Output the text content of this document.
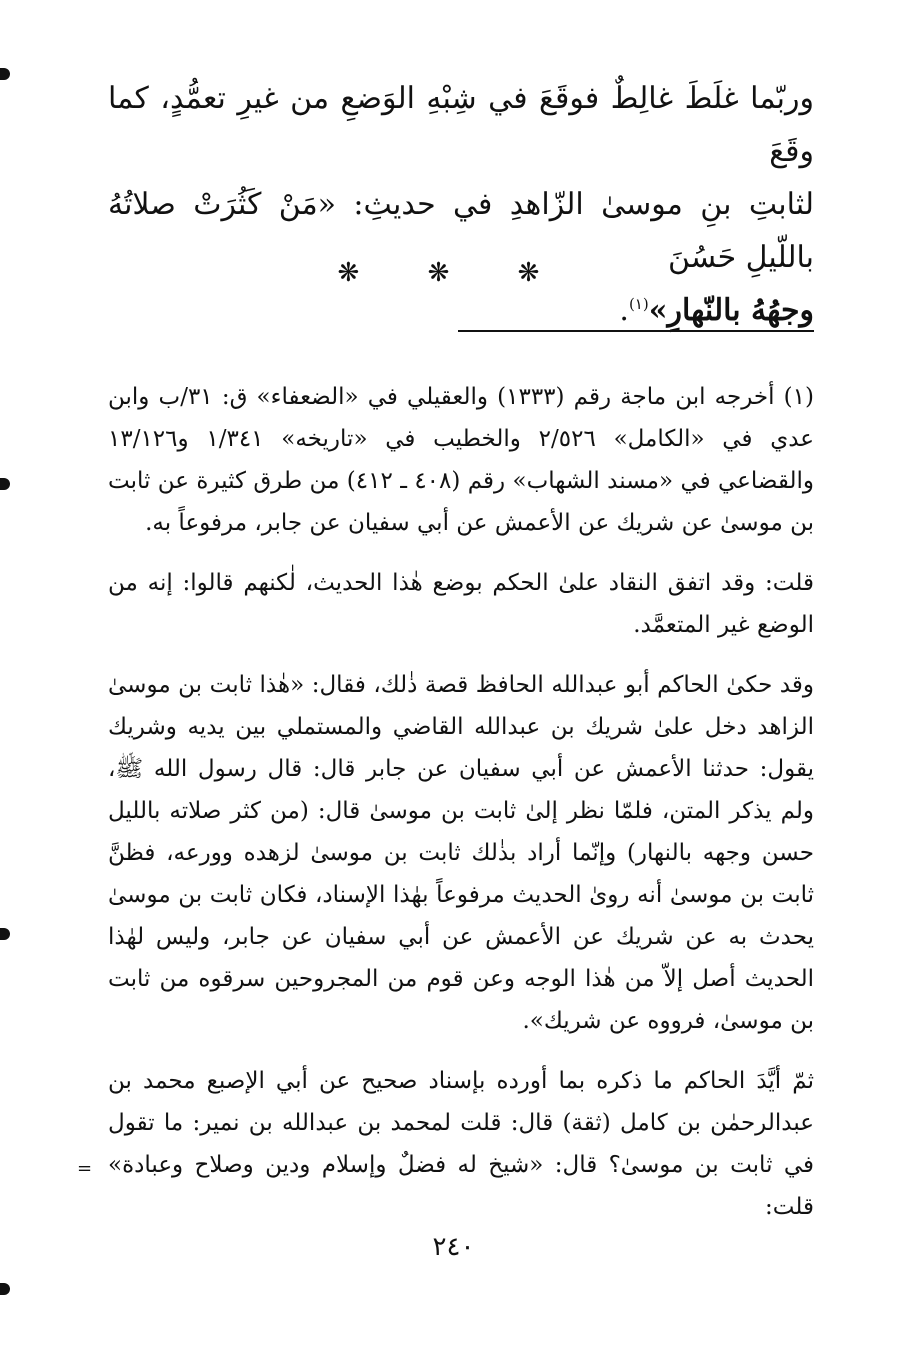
وربّما غلَطَ غالِطٌ فوقَعَ في شِبْهِ الوَضعِ من غيرِ تعمُّدٍ، كما وقَعَ
لثابتِ بنِ موسىٰ الزّاهدِ في حديثِ: «مَنْ كَثُرَتْ صلاتُهُ باللّيلِ حَسُنَ
وجهُهُ بالنّهارِ»$^{(١)}$.
❋ ❋ ❋

(١) أخرجه ابن ماجة رقم (١٣٣٣) والعقيلي في «الضعفاء» ق: ٣١/ب وابن عدي في «الكامل» ٢/٥٢٦ والخطيب في «تاريخه» ١/٣٤١ و١٣/١٢٦ والقضاعي في «مسند الشهاب» رقم (٤٠٨ ـ ٤١٢) من طرق كثيرة عن ثابت بن موسىٰ عن شريك عن الأعمش عن أبي سفيان عن جابر، مرفوعاً به.

قلت: وقد اتفق النقاد علىٰ الحكم بوضع هٰذا الحديث، لٰكنهم قالوا: إنه من الوضع غير المتعمَّد.

وقد حكىٰ الحاكم أبو عبدالله الحافظ قصة ذٰلك، فقال: «هٰذا ثابت بن موسىٰ الزاهد دخل علىٰ شريك بن عبدالله القاضي والمستملي بين يديه وشريك يقول: حدثنا الأعمش عن أبي سفيان عن جابر قال: قال رسول الله ﷺ، ولم يذكر المتن، فلمّا نظر إلىٰ ثابت بن موسىٰ قال: (من كثر صلاته بالليل حسن وجهه بالنهار) وإنّما أراد بذٰلك ثابت بن موسىٰ لزهده وورعه، فظنَّ ثابت بن موسىٰ أنه روىٰ الحديث مرفوعاً بهٰذا الإسناد، فكان ثابت بن موسىٰ يحدث به عن شريك عن الأعمش عن أبي سفيان عن جابر، وليس لهٰذا الحديث أصل إلاّ من هٰذا الوجه وعن قوم من المجروحين سرقوه من ثابت بن موسىٰ، فرووه عن شريك».

ثمّ أيَّدَ الحاكم ما ذكره بما أورده بإسناد صحيح عن أبي الإصبع محمد بن عبدالرحمٰن بن كامل (ثقة) قال: قلت لمحمد بن عبدالله بن نمير: ما تقول في ثابت بن موسىٰ؟ قال: «شيخ له فضلٌ وإسلام ودين وصلاح وعبادة» قلت:

=
٢٤٠
